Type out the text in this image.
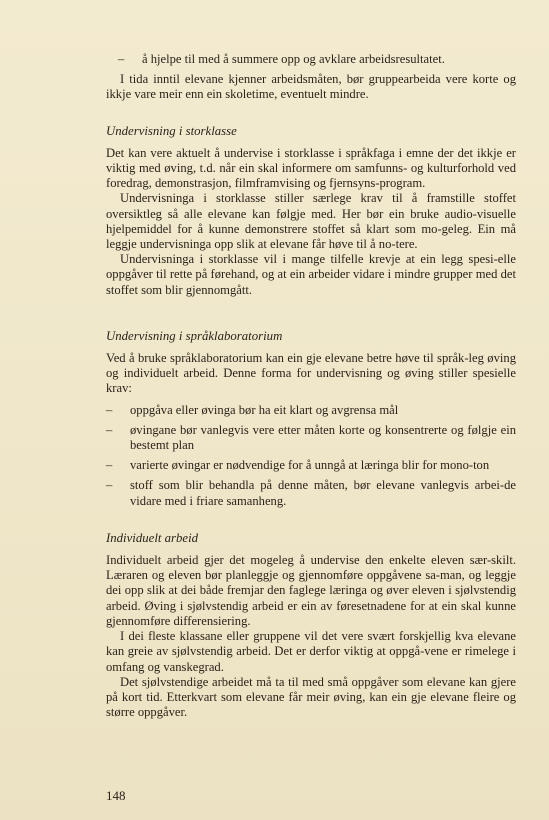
–	å hjelpe til med å summere opp og avklare arbeidsresultatet.

I tida inntil elevane kjenner arbeidsmåten, bør gruppearbeida vere korte og ikkje vare meir enn ein skoletime, eventuelt mindre.

Undervisning i storklasse

Det kan vere aktuelt å undervise i storklasse i språkfaga i emne der det ikkje er viktig med øving, t.d. når ein skal informere om samfunns- og kulturforhold ved foredrag, demonstrasjon, filmframvising og fjernsyns-program.

Undervisninga i storklasse stiller særlege krav til å framstille stoffet oversiktleg så alle elevane kan følgje med. Her bør ein bruke audio-visuelle hjelpemiddel for å kunne demonstrere stoffet så klart som mo-geleg. Ein må leggje undervisninga opp slik at elevane får høve til å no-tere.

Undervisninga i storklasse vil i mange tilfelle krevje at ein legg spesi-elle oppgåver til rette på førehand, og at ein arbeider vidare i mindre grupper med det stoffet som blir gjennomgått.

Undervisning i språklaboratorium

Ved å bruke språklaboratorium kan ein gje elevane betre høve til språk-leg øving og individuelt arbeid. Denne forma for undervisning og øving stiller spesielle krav:

–	oppgåva eller øvinga bør ha eit klart og avgrensa mål
–	øvingane bør vanlegvis vere etter måten korte og konsentrerte og følgje ein bestemt plan
–	varierte øvingar er nødvendige for å unngå at læringa blir for mono-ton
–	stoff som blir behandla på denne måten, bør elevane vanlegvis arbei-de vidare med i friare samanheng.
Individuelt arbeid

Individuelt arbeid gjer det mogeleg å undervise den enkelte eleven sær-skilt. Læraren og eleven bør planleggje og gjennomføre oppgåvene sa-man, og leggje dei opp slik at dei både fremjar den faglege læringa og øver eleven i sjølvstendig arbeid. Øving i sjølvstendig arbeid er ein av føresetnadene for at ein skal kunne gjennomføre differensiering.

I dei fleste klassane eller gruppene vil det vere svært forskjellig kva elevane kan greie av sjølvstendig arbeid. Det er derfor viktig at oppgå-vene er rimelege i omfang og vanskegrad.

Det sjølvstendige arbeidet må ta til med små oppgåver som elevane kan gjere på kort tid. Etterkvart som elevane får meir øving, kan ein gje elevane fleire og større oppgåver.

148
